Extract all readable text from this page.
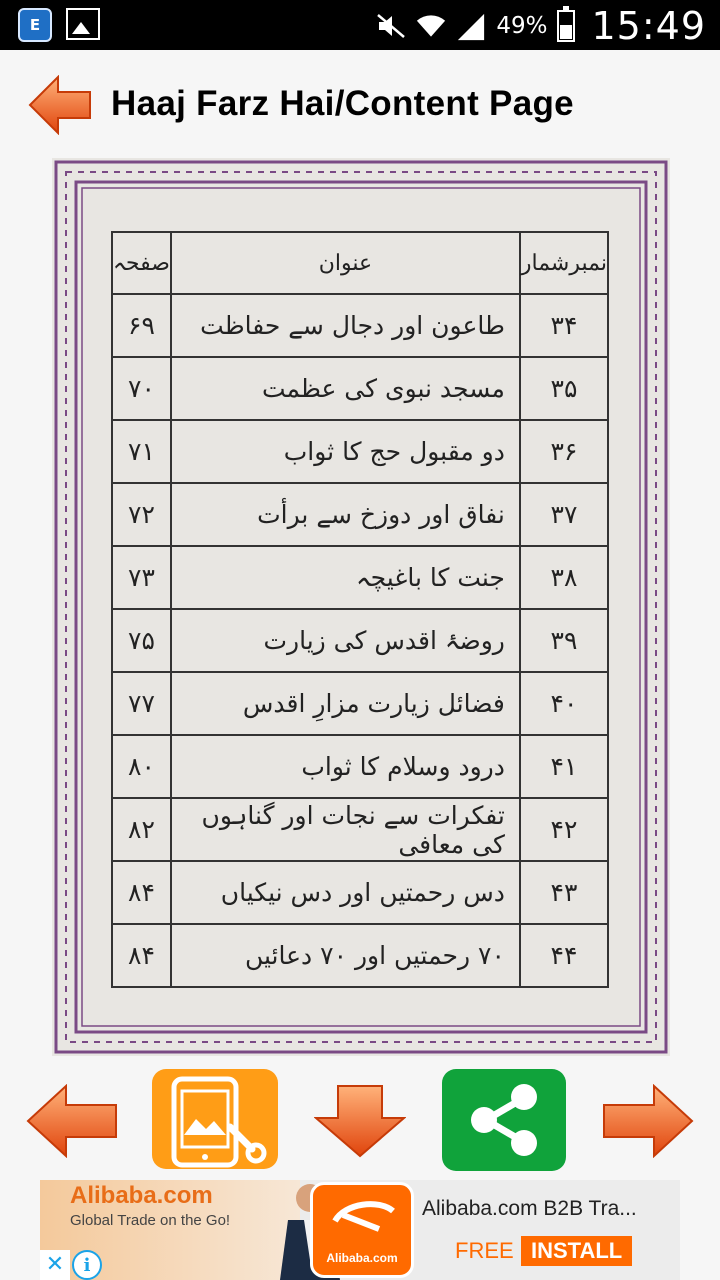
E	49% 15:49
Haaj Farz Hai/Content Page
صفحہ	عنوان	نمبرشمار
۶۹	طاعون اور دجال سے حفاظت	۳۴
۷۰	مسجد نبوی کی عظمت	۳۵
۷۱	دو مقبول حج کا ثواب	۳۶
۷۲	نفاق اور دوزخ سے برأت	۳۷
۷۳	جنت کا باغیچہ	۳۸
۷۵	روضۂ اقدس کی زیارت	۳۹
۷۷	فضائل زیارت مزارِ اقدس	۴۰
۸۰	درود وسلام کا ثواب	۴۱
۸۲	تفکرات سے نجات اور گناہوں کی معافی	۴۲
۸۴	دس رحمتیں اور دس نیکیاں	۴۳
۸۴	۷۰ رحمتیں اور ۷۰ دعائیں	۴۴
Alibaba.com
Global Trade on the Go!
Alibaba.com
Alibaba.com B2B Tra...
FREE INSTALL
✕	i
